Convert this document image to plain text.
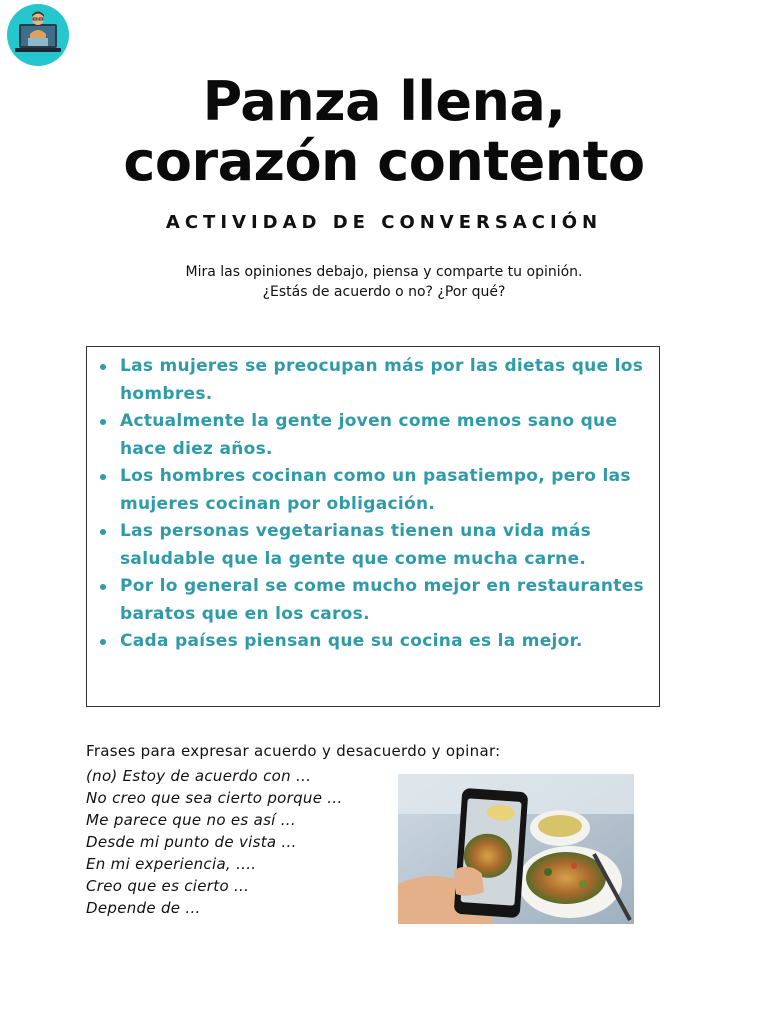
Panza llena,
corazón contento
ACTIVIDAD DE CONVERSACIÓN
Mira las opiniones debajo, piensa y comparte tu opinión.
¿Estás de acuerdo o no? ¿Por qué?
Las mujeres se preocupan más por las dietas que los hombres.
Actualmente la gente joven come menos sano que hace diez años.
Los hombres cocinan como un pasatiempo, pero las mujeres cocinan por obligación.
Las personas vegetarianas tienen una vida más saludable que la gente que come mucha carne.
Por lo general se come mucho mejor en restaurantes baratos que en los caros.
Cada países piensan que su cocina es la mejor.
Frases para expresar acuerdo y desacuerdo y opinar:
(no) Estoy de acuerdo con ...
No creo que sea cierto porque ...
Me parece que no es así ...
Desde mi punto de vista ...
En mi experiencia, ....
Creo que es cierto ...
Depende de ...
